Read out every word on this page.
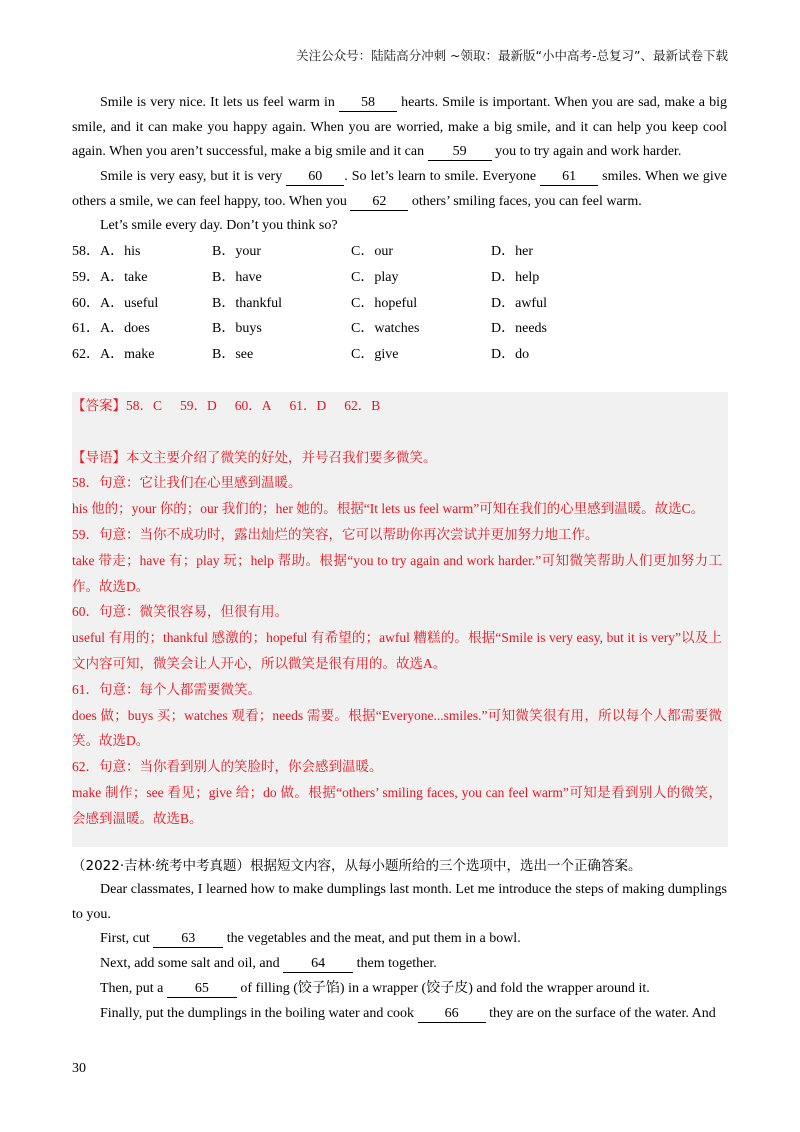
关注公众号：陆陆高分冲刺 ~领取：最新版“小中高考-总复习”、最新试卷下载
Smile is very nice. It lets us feel warm in 58 hearts. Smile is important. When you are sad, make a big smile, and it can make you happy again. When you are worried, make a big smile, and it can help you keep cool again. When you aren’t successful, make a big smile and it can 59 you to try again and work harder.
Smile is very easy, but it is very 60 . So let’s learn to smile. Everyone 61 smiles. When we give others a smile, we can feel happy, too. When you 62 others’ smiling faces, you can feel warm.
Let’s smile every day. Don’t you think so?
58． A．his	B．your	C．our	D．her
59． A．take	B．have	C．play	D．help
60． A．useful	B．thankful	C．hopeful	D．awful
61． A．does	B．buys	C．watches	D．needs
62． A．make	B．see	C．give	D．do

【答案】58．C 59．D 60．A 61．D 62．B

【导语】本文主要介绍了微笑的好处，并号召我们要多微笑。

58．句意：它让我们在心里感到温暖。

his 他的；your 你的；our 我们的；her 她的。根据“It lets us feel warm”可知在我们的心里感到温暖。故选C。

59．句意：当你不成功时，露出灿烂的笑容，它可以帮助你再次尝试并更加努力地工作。

take 带走；have 有；play 玩；help 帮助。根据“you to try again and work harder.”可知微笑帮助人们更加努力工作。故选D。

60．句意：微笑很容易，但很有用。

useful 有用的；thankful 感激的；hopeful 有希望的；awful 糟糕的。根据“Smile is very easy, but it is very”以及上文内容可知，微笑会让人开心，所以微笑是很有用的。故选A。

61．句意：每个人都需要微笑。

does 做；buys 买；watches 观看；needs 需要。根据“Everyone...smiles.”可知微笑很有用，所以每个人都需要微笑。故选D。

62．句意：当你看到别人的笑脸时，你会感到温暖。

make 制作；see 看见；give 给；do 做。根据“others’ smiling faces, you can feel warm”可知是看到别人的微笑，会感到温暖。故选B。

（2022·吉林·统考中考真题）根据短文内容，从每小题所给的三个选项中，选出一个正确答案。
Dear classmates, I learned how to make dumplings last month. Let me introduce the steps of making dumplings to you.
First, cut 63 the vegetables and the meat, and put them in a bowl.
Next, add some salt and oil, and 64 them together.
Then, put a 65 of filling (饺子馅) in a wrapper (饺子皮) and fold the wrapper around it.
Finally, put the dumplings in the boiling water and cook 66 they are on the surface of the water. And
30
